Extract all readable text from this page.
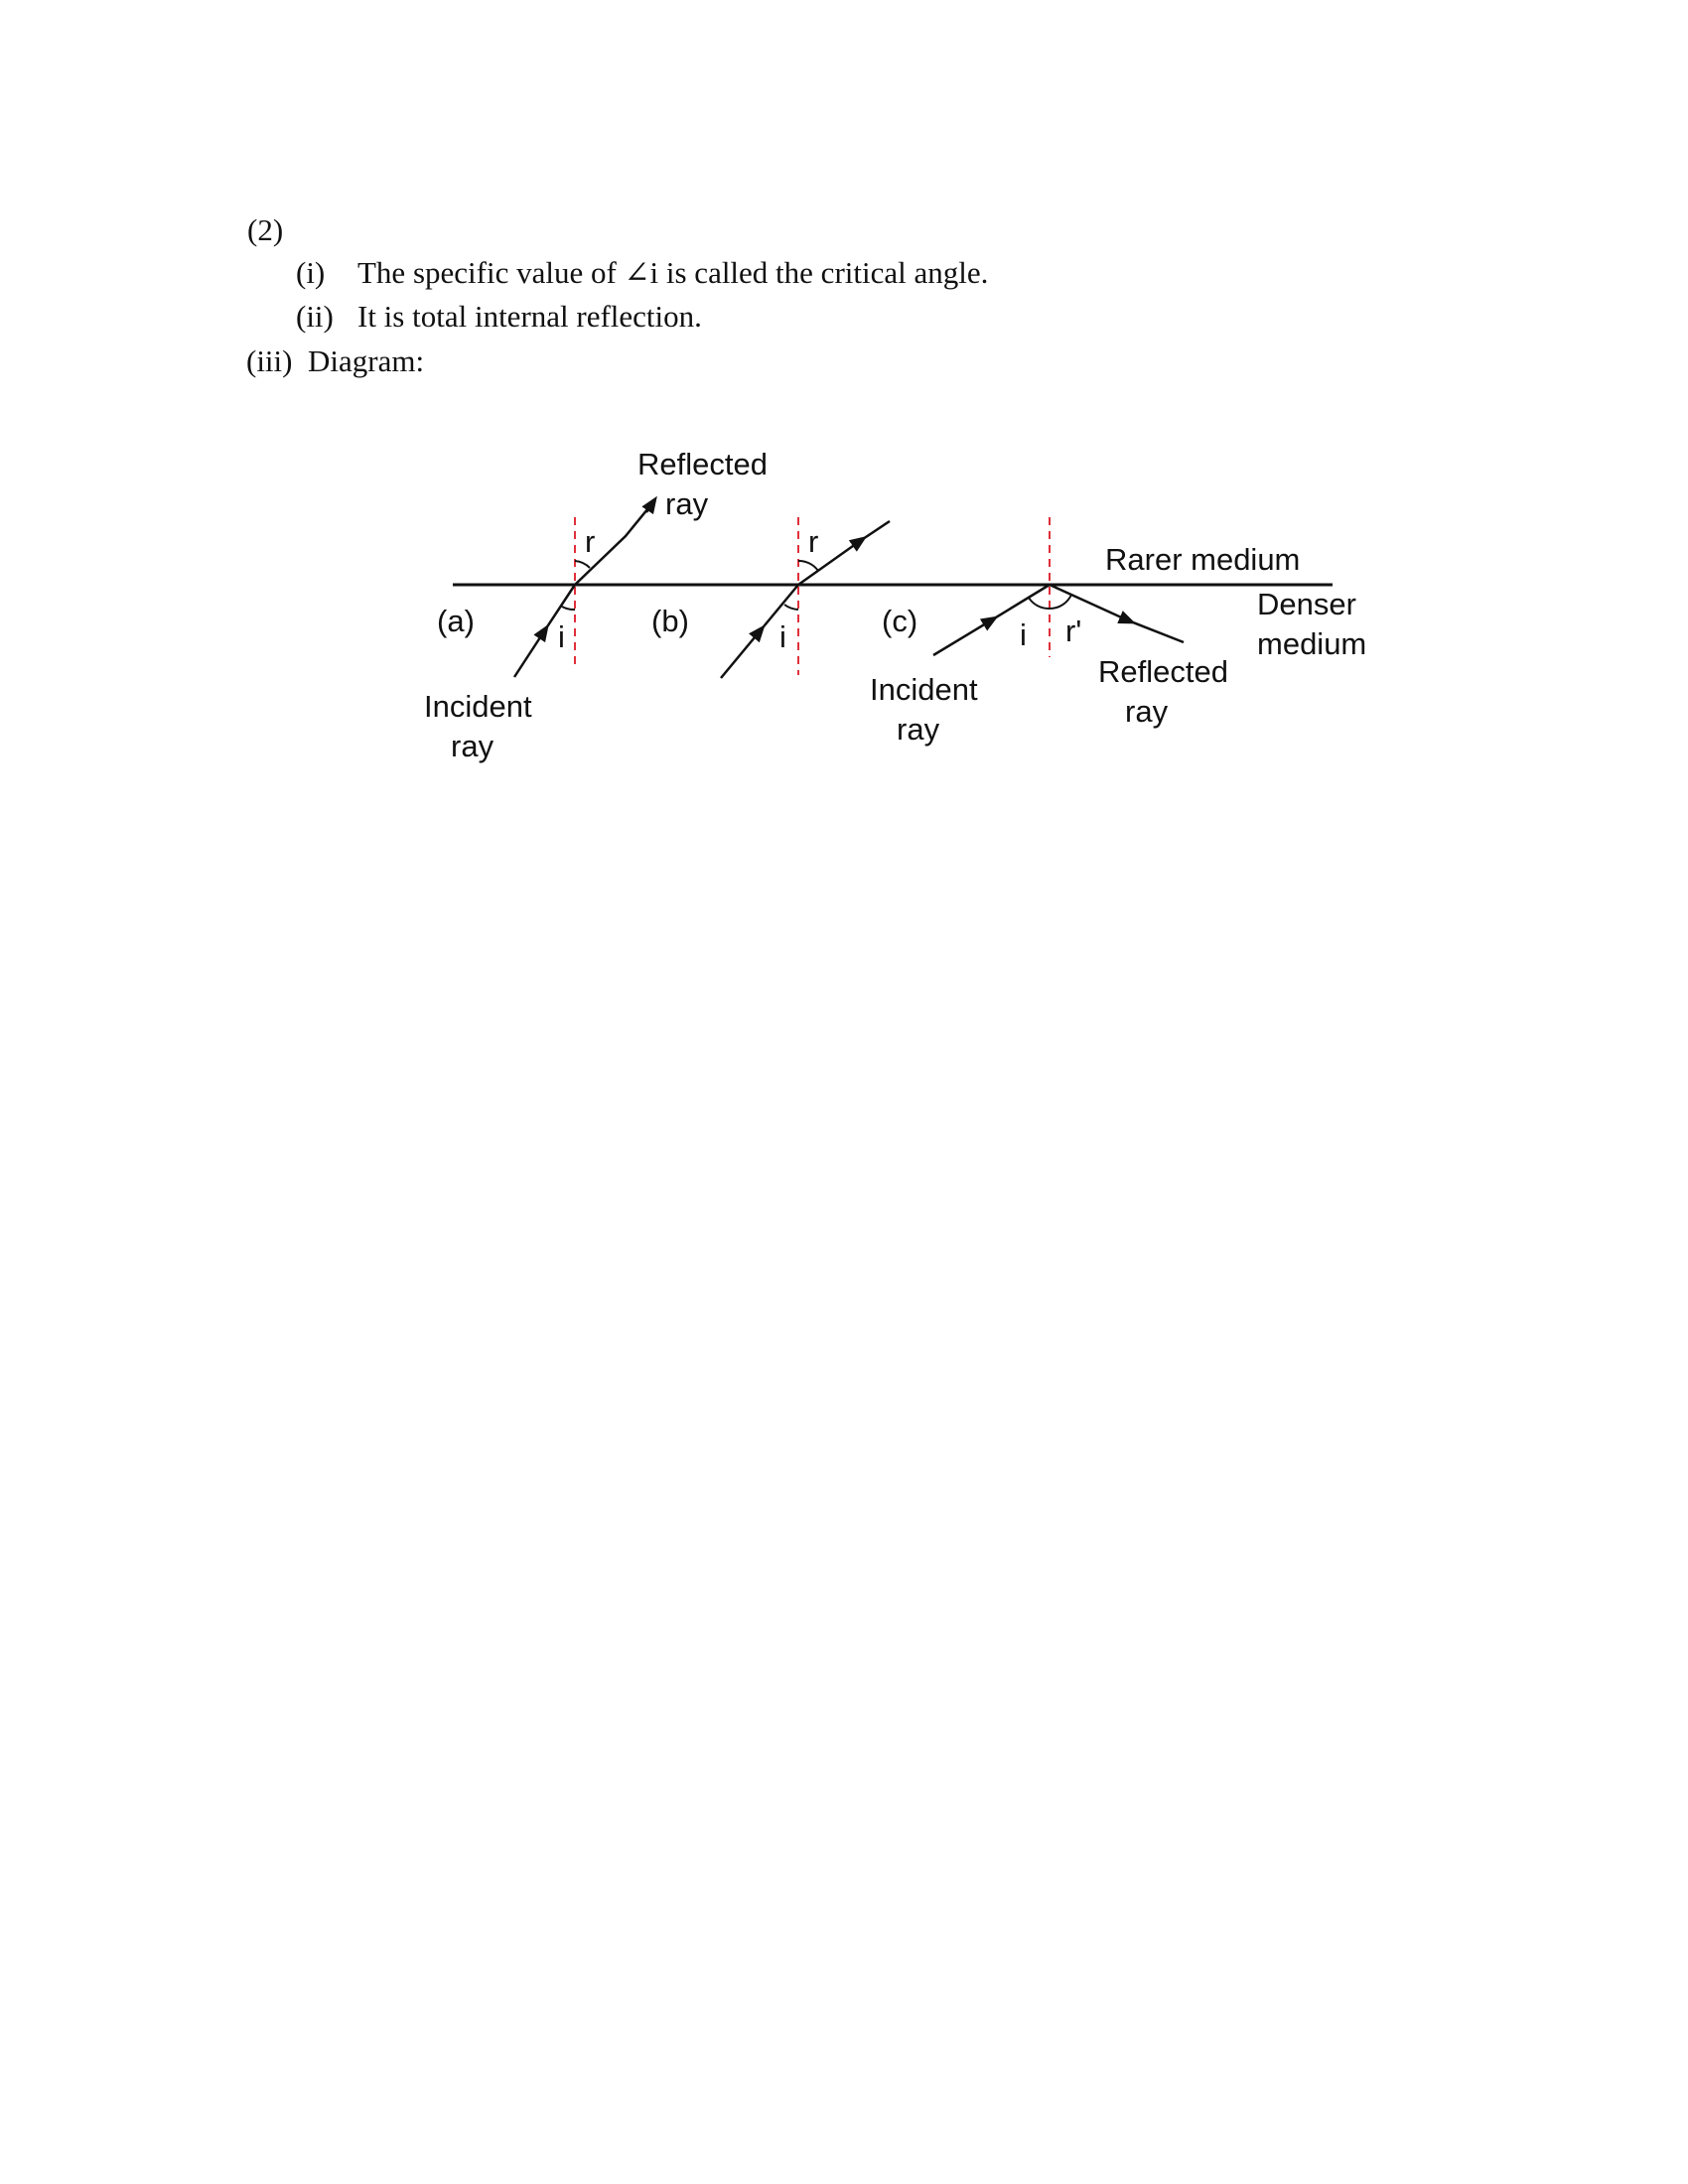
(2)
(i) The specific value of ∠i is called the critical angle.
(ii) It is total internal reflection.
(iii) Diagram:
Reflected
ray
r
i
(a)
Incident
ray
(b)
r
i	(c)	i r'
Rarer medium
Denser
medium
Incident
ray
Reflected
ray
